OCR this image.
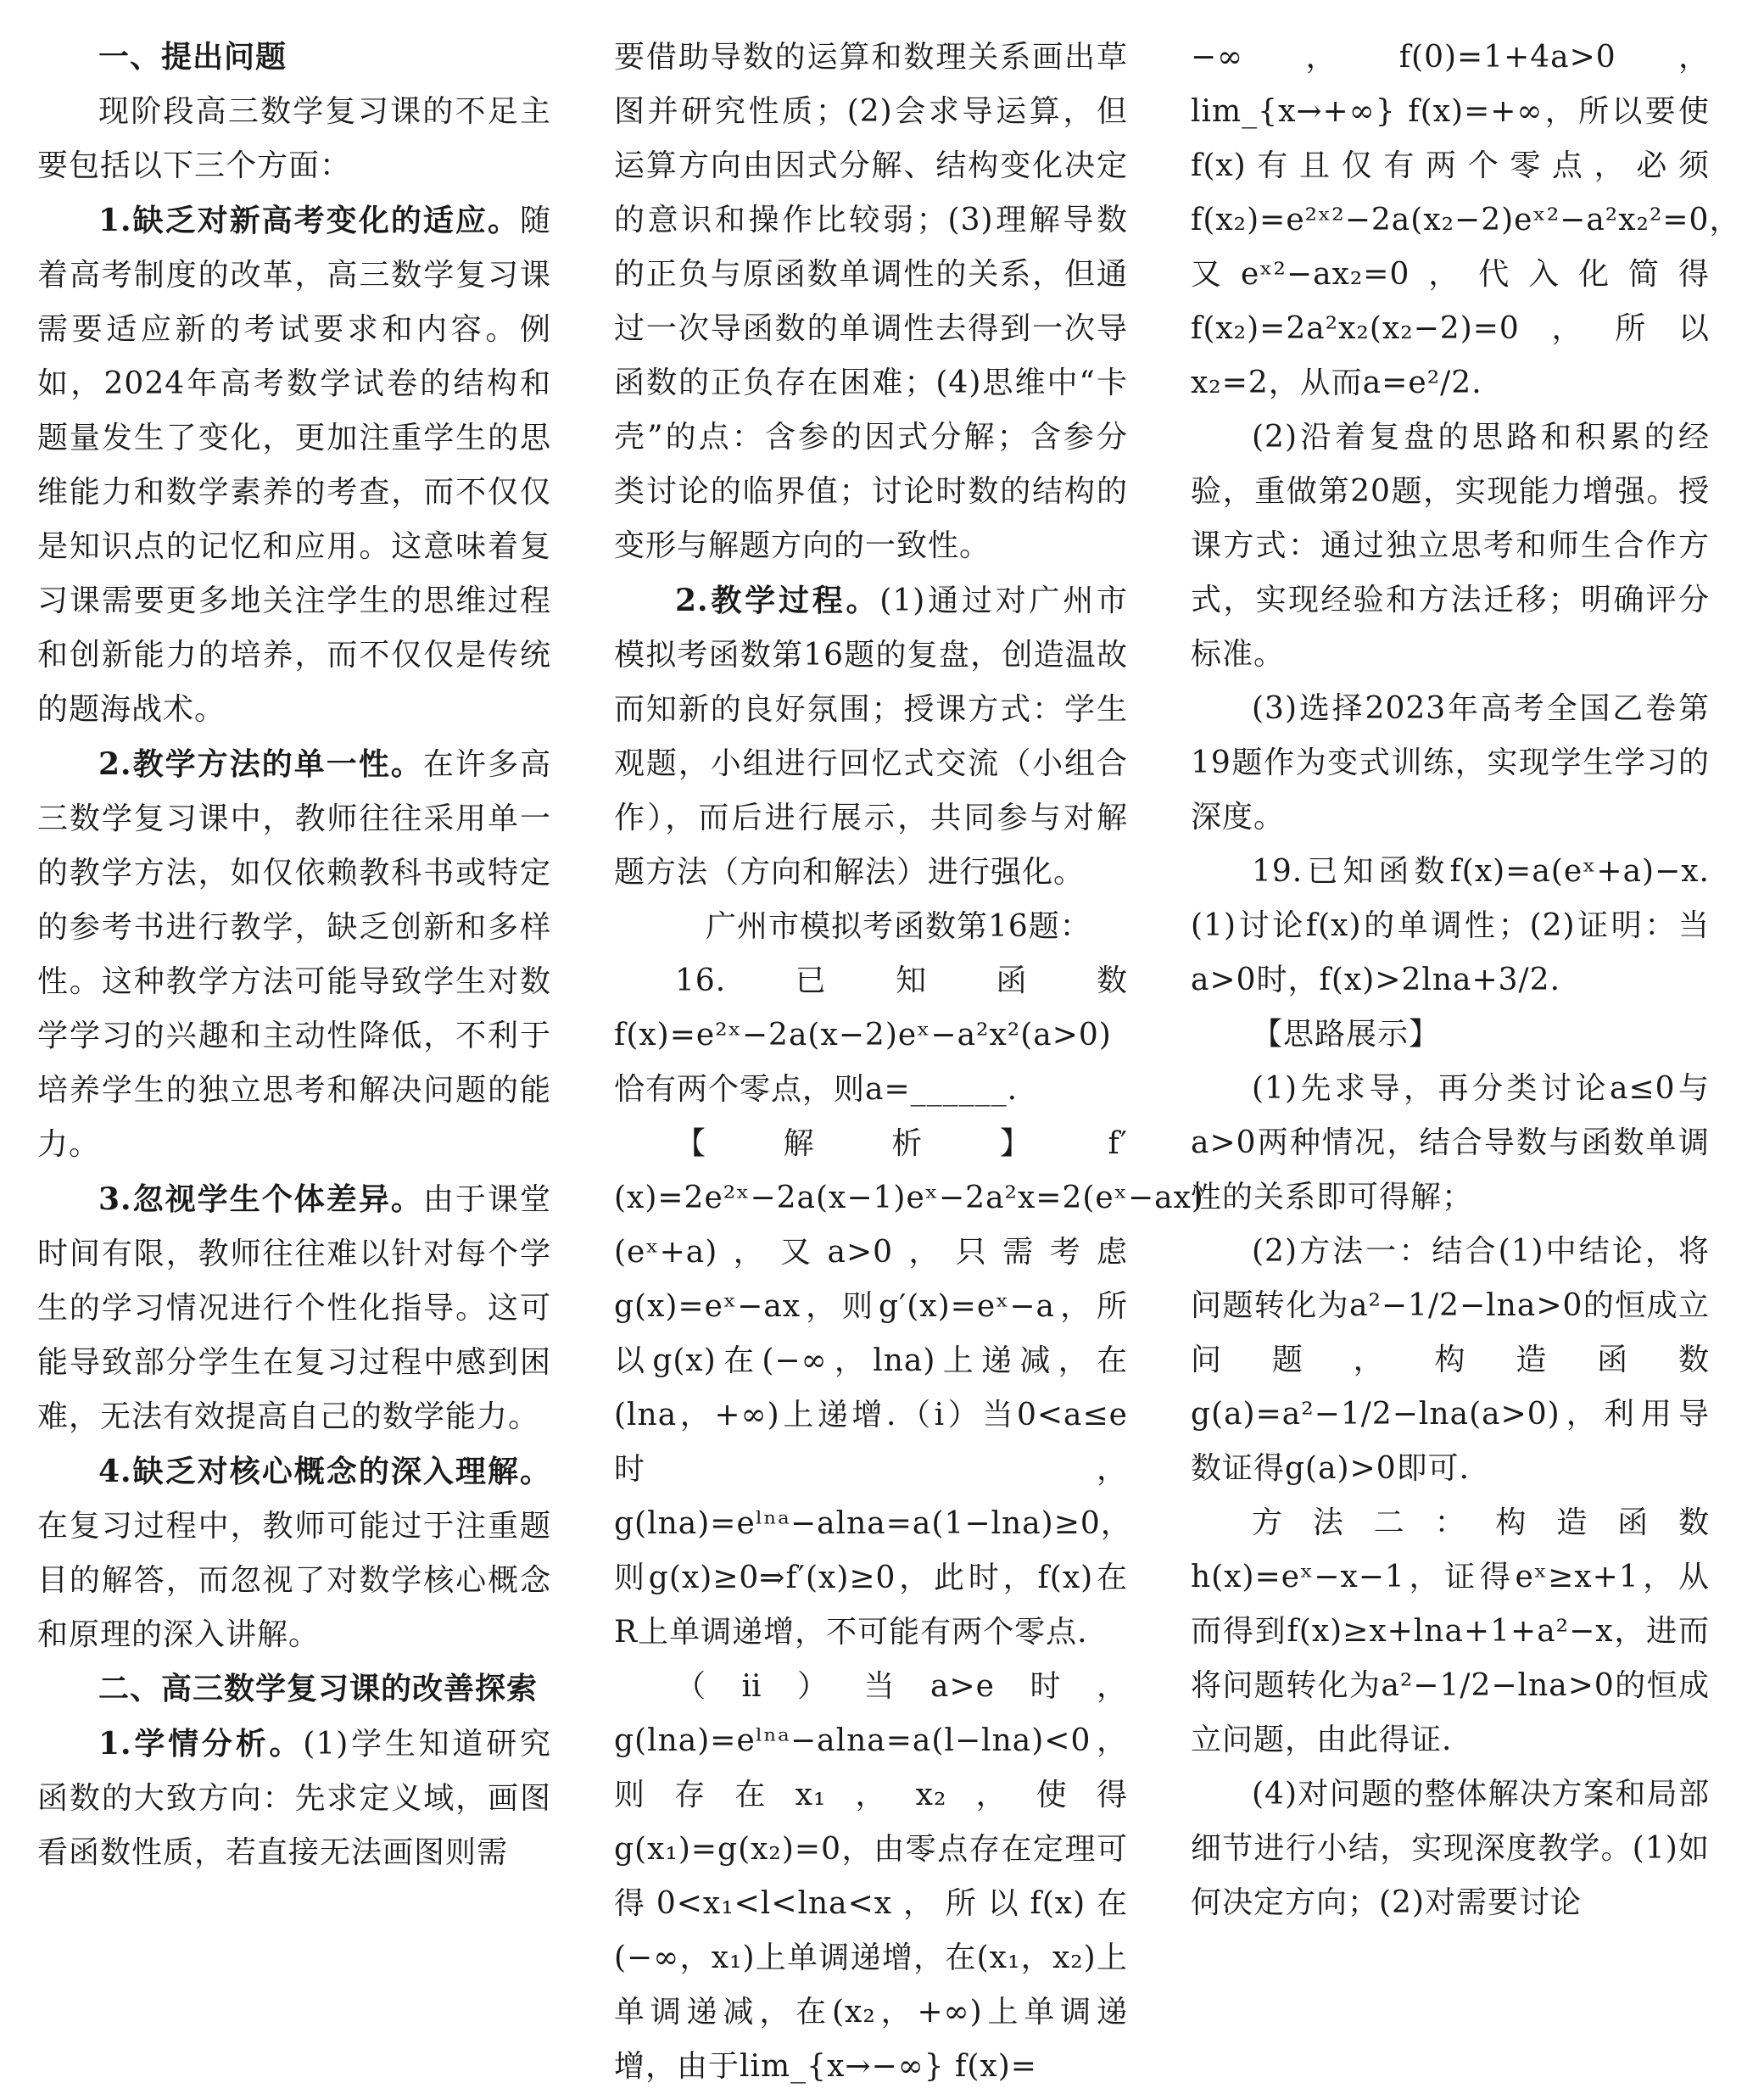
一、提出问题

现阶段高三数学复习课的不足主要包括以下三个方面：

1.缺乏对新高考变化的适应。随着高考制度的改革，高三数学复习课需要适应新的考试要求和内容。例如，2024年高考数学试卷的结构和题量发生了变化，更加注重学生的思维能力和数学素养的考查，而不仅仅是知识点的记忆和应用。这意味着复习课需要更多地关注学生的思维过程和创新能力的培养，而不仅仅是传统的题海战术。

2.教学方法的单一性。在许多高三数学复习课中，教师往往采用单一的教学方法，如仅依赖教科书或特定的参考书进行教学，缺乏创新和多样性。这种教学方法可能导致学生对数学学习的兴趣和主动性降低，不利于培养学生的独立思考和解决问题的能力。

3.忽视学生个体差异。由于课堂时间有限，教师往往难以针对每个学生的学习情况进行个性化指导。这可能导致部分学生在复习过程中感到困难，无法有效提高自己的数学能力。

4.缺乏对核心概念的深入理解。在复习过程中，教师可能过于注重题目的解答，而忽视了对数学核心概念和原理的深入讲解。

二、高三数学复习课的改善探索

1.学情分析。(1)学生知道研究函数的大致方向：先求定义域，画图看函数性质，若直接无法画图则需

要借助导数的运算和数理关系画出草图并研究性质；(2)会求导运算，但运算方向由因式分解、结构变化决定的意识和操作比较弱；(3)理解导数的正负与原函数单调性的关系，但通过一次导函数的单调性去得到一次导函数的正负存在困难；(4)思维中“卡壳”的点：含参的因式分解；含参分类讨论的临界值；讨论时数的结构的变形与解题方向的一致性。

2.教学过程。(1)通过对广州市模拟考函数第16题的复盘，创造温故而知新的良好氛围；授课方式：学生观题，小组进行回忆式交流（小组合作），而后进行展示，共同参与对解题方法（方向和解法）进行强化。

广州市模拟考函数第16题：

16.已知函数f(x)=e²ˣ−2a(x−2)eˣ−a²x²(a>0)恰有两个零点，则a=______.

【解析】f′(x)=2e²ˣ−2a(x−1)eˣ−2a²x=2(eˣ−ax)(eˣ+a)，又a>0，只需考虑g(x)=eˣ−ax，则g′(x)=eˣ−a，所以g(x)在(−∞，lna)上递减，在(lna，+∞)上递增.（ⅰ）当0<a≤e时，g(lna)=eˡⁿᵃ−alna=a(1−lna)≥0，则g(x)≥0⇒f′(x)≥0，此时，f(x)在R上单调递增，不可能有两个零点.

（ⅱ）当a>e时，g(lna)=eˡⁿᵃ−alna=a(l−lna)<0，则存在x₁，x₂，使得g(x₁)=g(x₂)=0，由零点存在定理可得0<x₁<l<lna<x，所以f(x)在(−∞，x₁)上单调递增，在(x₁，x₂)上单调递减，在(x₂，+∞)上单调递增，由于lim_{x→−∞} f(x)=

−∞，f(0)=1+4a>0，lim_{x→+∞} f(x)=+∞，所以要使f(x)有且仅有两个零点，必须f(x₂)=e²ˣ²−2a(x₂−2)eˣ²−a²x₂²=0，又eˣ²−ax₂=0，代入化简得f(x₂)=2a²x₂(x₂−2)=0，所以x₂=2，从而a=e²/2.

(2)沿着复盘的思路和积累的经验，重做第20题，实现能力增强。授课方式：通过独立思考和师生合作方式，实现经验和方法迁移；明确评分标准。

(3)选择2023年高考全国乙卷第19题作为变式训练，实现学生学习的深度。

19.已知函数f(x)=a(eˣ+a)−x.(1)讨论f(x)的单调性；(2)证明：当a>0时，f(x)>2lna+3/2.

【思路展示】

(1)先求导，再分类讨论a≤0与a>0两种情况，结合导数与函数单调性的关系即可得解；

(2)方法一：结合(1)中结论，将问题转化为a²−1/2−lna>0的恒成立问题，构造函数g(a)=a²−1/2−lna(a>0)，利用导数证得g(a)>0即可.

方法二：构造函数h(x)=eˣ−x−1，证得eˣ≥x+1，从而得到f(x)≥x+lna+1+a²−x，进而将问题转化为a²−1/2−lna>0的恒成立问题，由此得证.

(4)对问题的整体解决方案和局部细节进行小结，实现深度教学。(1)如何决定方向；(2)对需要讨论
